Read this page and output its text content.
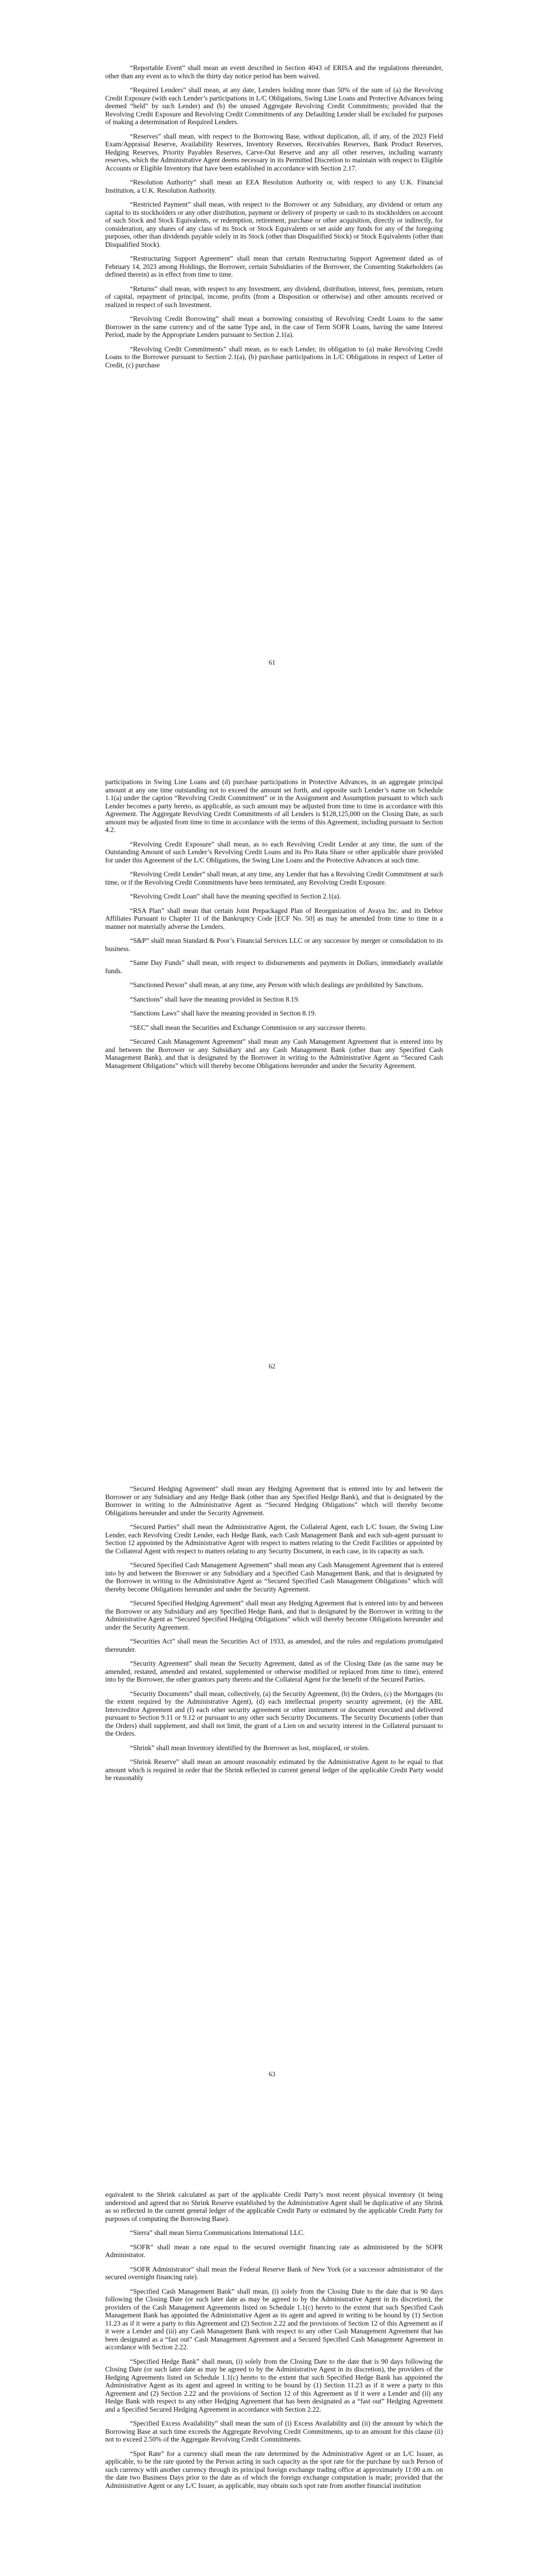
“Reportable Event” shall mean an event described in Section 4043 of ERISA and the regulations thereunder, other than any event as to which the thirty day notice period has been waived.

“Required Lenders” shall mean, at any date, Lenders holding more than 50% of the sum of (a) the Revolving Credit Exposure (with each Lender’s participations in L/C Obligations, Swing Line Loans and Protective Advances being deemed “held” by such Lender) and (b) the unused Aggregate Revolving Credit Commitments; provided that the Revolving Credit Exposure and Revolving Credit Commitments of any Defaulting Lender shall be excluded for purposes of making a determination of Required Lenders.

“Reserves” shall mean, with respect to the Borrowing Base, without duplication, all, if any, of the 2023 Field Exam/Appraisal Reserve, Availability Reserves, Inventory Reserves, Receivables Reserves, Bank Product Reserves, Hedging Reserves, Priority Payables Reserves, Carve-Out Reserve and any all other reserves, including warranty reserves, which the Administrative Agent deems necessary in its Permitted Discretion to maintain with respect to Eligible Accounts or Eligible Inventory that have been established in accordance with Section 2.17.

“Resolution Authority” shall mean an EEA Resolution Authority or, with respect to any U.K. Financial Institution, a U.K. Resolution Authority.

“Restricted Payment” shall mean, with respect to the Borrower or any Subsidiary, any dividend or return any capital to its stockholders or any other distribution, payment or delivery of property or cash to its stockholders on account of such Stock and Stock Equivalents, or redemption, retirement, purchase or other acquisition, directly or indirectly, for consideration, any shares of any class of its Stock or Stock Equivalents or set aside any funds for any of the foregoing purposes, other than dividends payable solely in its Stock (other than Disqualified Stock) or Stock Equivalents (other than Disqualified Stock).

“Restructuring Support Agreement” shall mean that certain Restructuring Support Agreement dated as of February 14, 2023 among Holdings, the Borrower, certain Subsidiaries of the Borrower, the Consenting Stakeholders (as defined therein) as in effect from time to time.

“Returns” shall mean, with respect to any Investment, any dividend, distribution, interest, fees, premium, return of capital, repayment of principal, income, profits (from a Disposition or otherwise) and other amounts received or realized in respect of such Investment.

“Revolving Credit Borrowing” shall mean a borrowing consisting of Revolving Credit Loans to the same Borrower in the same currency and of the same Type and, in the case of Term SOFR Loans, having the same Interest Period, made by the Appropriate Lenders pursuant to Section 2.1(a).

“Revolving Credit Commitments” shall mean, as to each Lender, its obligation to (a) make Revolving Credit Loans to the Borrower pursuant to Section 2.1(a), (b) purchase participations in L/C Obligations in respect of Letter of Credit, (c) purchase

61

participations in Swing Line Loans and (d) purchase participations in Protective Advances, in an aggregate principal amount at any one time outstanding not to exceed the amount set forth, and opposite such Lender’s name on Schedule 1.1(a) under the caption “Revolving Credit Commitment” or in the Assignment and Assumption pursuant to which such Lender becomes a party hereto, as applicable, as such amount may be adjusted from time to time in accordance with this Agreement. The Aggregate Revolving Credit Commitments of all Lenders is $128,125,000 on the Closing Date, as such amount may be adjusted from time to time in accordance with the terms of this Agreement, including pursuant to Section 4.2.

“Revolving Credit Exposure” shall mean, as to each Revolving Credit Lender at any time, the sum of the Outstanding Amount of such Lender’s Revolving Credit Loans and its Pro Rata Share or other applicable share provided for under this Agreement of the L/C Obligations, the Swing Line Loans and the Protective Advances at such time.

“Revolving Credit Lender” shall mean, at any time, any Lender that has a Revolving Credit Commitment at such time, or if the Revolving Credit Commitments have been terminated, any Revolving Credit Exposure.

“Revolving Credit Loan” shall have the meaning specified in Section 2.1(a).

“RSA Plan” shall mean that certain Joint Prepackaged Plan of Reorganization of Avaya Inc. and its Debtor Affiliates Pursuant to Chapter 11 of the Bankruptcy Code [ECF No. 50] as may be amended from time to time in a manner not materially adverse the Lenders.

“S&P” shall mean Standard & Poor’s Financial Services LLC or any successor by merger or consolidation to its business.

“Same Day Funds” shall mean, with respect to disbursements and payments in Dollars, immediately available funds.

“Sanctioned Person” shall mean, at any time, any Person with which dealings are prohibited by Sanctions.

“Sanctions” shall have the meaning provided in Section 8.19.

“Sanctions Laws” shall have the meaning provided in Section 8.19.

“SEC” shall mean the Securities and Exchange Commission or any successor thereto.

“Secured Cash Management Agreement” shall mean any Cash Management Agreement that is entered into by and between the Borrower or any Subsidiary and any Cash Management Bank (other than any Specified Cash Management Bank), and that is designated by the Borrower in writing to the Administrative Agent as “Secured Cash Management Obligations” which will thereby become Obligations hereunder and under the Security Agreement.

62

“Secured Hedging Agreement” shall mean any Hedging Agreement that is entered into by and between the Borrower or any Subsidiary and any Hedge Bank (other than any Specified Hedge Bank), and that is designated by the Borrower in writing to the Administrative Agent as “Secured Hedging Obligations” which will thereby become Obligations hereunder and under the Security Agreement.

“Secured Parties” shall mean the Administrative Agent, the Collateral Agent, each L/C Issuer, the Swing Line Lender, each Revolving Credit Lender, each Hedge Bank, each Cash Management Bank and each sub-agent pursuant to Section 12 appointed by the Administrative Agent with respect to matters relating to the Credit Facilities or appointed by the Collateral Agent with respect to matters relating to any Security Document, in each case, in its capacity as such.

“Secured Specified Cash Management Agreement” shall mean any Cash Management Agreement that is entered into by and between the Borrower or any Subsidiary and a Specified Cash Management Bank, and that is designated by the Borrower in writing to the Administrative Agent as “Secured Specified Cash Management Obligations” which will thereby become Obligations hereunder and under the Security Agreement.

“Secured Specified Hedging Agreement” shall mean any Hedging Agreement that is entered into by and between the Borrower or any Subsidiary and any Specified Hedge Bank, and that is designated by the Borrower in writing to the Administrative Agent as “Secured Specified Hedging Obligations” which will thereby become Obligations hereunder and under the Security Agreement.

“Securities Act” shall mean the Securities Act of 1933, as amended, and the rules and regulations promulgated thereunder.

“Security Agreement” shall mean the Security Agreement, dated as of the Closing Date (as the same may be amended, restated, amended and restated, supplemented or otherwise modified or replaced from time to time), entered into by the Borrower, the other grantors party thereto and the Collateral Agent for the benefit of the Secured Parties.

“Security Documents” shall mean, collectively, (a) the Security Agreement, (b) the Orders, (c) the Mortgages (to the extent required by the Administrative Agent), (d) each intellectual property security agreement, (e) the ABL Intercreditor Agreement and (f) each other security agreement or other instrument or document executed and delivered pursuant to Section 9.11 or 9.12 or pursuant to any other such Security Documents. The Security Documents (other than the Orders) shall supplement, and shall not limit, the grant of a Lien on and security interest in the Collateral pursuant to the Orders.

“Shrink” shall mean Inventory identified by the Borrower as lost, misplaced, or stolen.

“Shrink Reserve” shall mean an amount reasonably estimated by the Administrative Agent to be equal to that amount which is required in order that the Shrink reflected in current general ledger of the applicable Credit Party would be reasonably

63

equivalent to the Shrink calculated as part of the applicable Credit Party’s most recent physical inventory (it being understood and agreed that no Shrink Reserve established by the Administrative Agent shall be duplicative of any Shrink as so reflected in the current general ledger of the applicable Credit Party or estimated by the applicable Credit Party for purposes of computing the Borrowing Base).

“Sierra” shall mean Sierra Communications International LLC.

“SOFR” shall mean a rate equal to the secured overnight financing rate as administered by the SOFR Administrator.

“SOFR Administrator” shall mean the Federal Reserve Bank of New York (or a successor administrator of the secured overnight financing rate).

“Specified Cash Management Bank” shall mean, (i) solely from the Closing Date to the date that is 90 days following the Closing Date (or such later date as may be agreed to by the Administrative Agent in its discretion), the providers of the Cash Management Agreements listed on Schedule 1.1(c) hereto to the extent that such Specified Cash Management Bank has appointed the Administrative Agent as its agent and agreed in writing to be bound by (1) Section 11.23 as if it were a party to this Agreement and (2) Section 2.22 and the provisions of Section 12 of this Agreement as if it were a Lender and (iii) any Cash Management Bank with respect to any other Cash Management Agreement that has been designated as a “fast out” Cash Management Agreement and a Secured Specified Cash Management Agreement in accordance with Section 2.22.

“Specified Hedge Bank” shall mean, (i) solely from the Closing Date to the date that is 90 days following the Closing Date (or such later date as may be agreed to by the Administrative Agent in its discretion), the providers of the Hedging Agreements listed on Schedule 1.1(c) hereto to the extent that such Specified Hedge Bank has appointed the Administrative Agent as its agent and agreed in writing to be bound by (1) Section 11.23 as if it were a party to this Agreement and (2) Section 2.22 and the provisions of Section 12 of this Agreement as if it were a Lender and (ii) any Hedge Bank with respect to any other Hedging Agreement that has been designated as a “fast out” Hedging Agreement and a Specified Secured Hedging Agreement in accordance with Section 2.22.

“Specified Excess Availability” shall mean the sum of (i) Excess Availability and (ii) the amount by which the Borrowing Base at such time exceeds the Aggregate Revolving Credit Commitments, up to an amount for this clause (ii) not to exceed 2.50% of the Aggregate Revolving Credit Commitments.

“Spot Rate” for a currency shall mean the rate determined by the Administrative Agent or an L/C Issuer, as applicable, to be the rate quoted by the Person acting in such capacity as the spot rate for the purchase by such Person of such currency with another currency through its principal foreign exchange trading office at approximately 11:00 a.m. on the date two Business Days prior to the date as of which the foreign exchange computation is made; provided that the Administrative Agent or any L/C Issuer, as applicable, may obtain such spot rate from another financial institution
